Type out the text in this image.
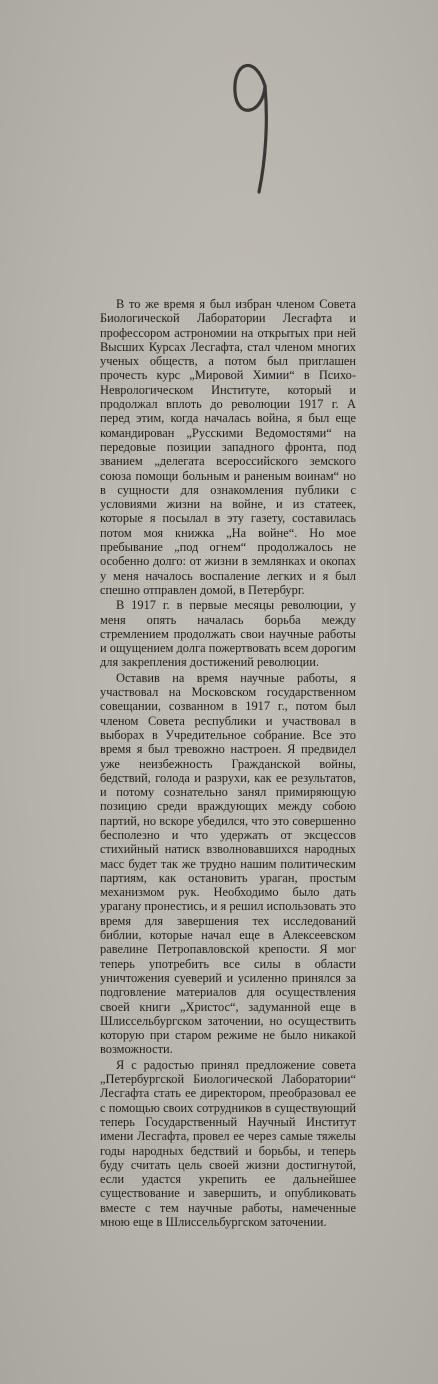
В то же время я был избран членом Совета Биологической Лаборатории Лесгафта и профессором астрономии на открытых при ней Высших Курсах Лесгафта, стал членом многих ученых обществ, а потом был приглашен прочесть курс „Мировой Химии“ в Психо-Неврологическом Институте, который и продолжал вплоть до революции 1917 г. А перед этим, когда началась война, я был еще командирован „Русскими Ведомостями“ на передовые позиции западного фронта, под званием „делегата всероссийского земского союза помощи больным и раненым воинам“ но в сущности для ознакомления публики с условиями жизни на войне, и из статеек, которые я посылал в эту газету, составилась потом моя книжка „На войне“. Но мое пребывание „под огнем“ продолжалось не особенно долго: от жизни в землянках и окопах у меня началось воспаление легких и я был спешно отправлен домой, в Петербург.

В 1917 г. в первые месяцы революции, у меня опять началась борьба между стремлением продолжать свои научные работы и ощущением долга пожертвовать всем дорогим для закрепления достижений революции.

Оставив на время научные работы, я участвовал на Московском государственном совещании, созванном в 1917 г., потом был членом Совета республики и участвовал в выборах в Учредительное собрание. Все это время я был тревожно настроен. Я предвидел уже неизбежность Гражданской войны, бедствий, голода и разрухи, как ее результатов, и потому сознательно занял примиряющую позицию среди враждующих между собою партий, но вскоре убедился, что это совершенно бесполезно и что удержать от эксцессов стихийный натиск взволновавшихся народных масс будет так же трудно нашим политическим партиям, как остановить ураган, простым механизмом рук. Необходимо было дать урагану пронестись, и я решил использовать это время для завершения тех исследований библии, которые начал еще в Алексеевском равелине Петропавловской крепости. Я мог теперь употребить все силы в области уничтожения суеверий и усиленно принялся за подговление материалов для осуществления своей книги „Христос“, задуманной еще в Шлиссельбургском заточении, но осуществить которую при старом режиме не было никакой возможности.

Я с радостью принял предложение совета „Петербургской Биологической Лаборатории“ Лесгафта стать ее директором, преобразовал ее с помощью своих сотрудников в существующий теперь Государственный Научный Институт имени Лесгафта, провел ее через самые тяжелы годы народных бедствий и борьбы, и теперь буду считать цель своей жизни достигнутой, если удастся укрепить ее дальнейшее существование и завершить, и опубликовать вместе с тем научные работы, намеченные мною еще в Шлиссельбургском заточении.
